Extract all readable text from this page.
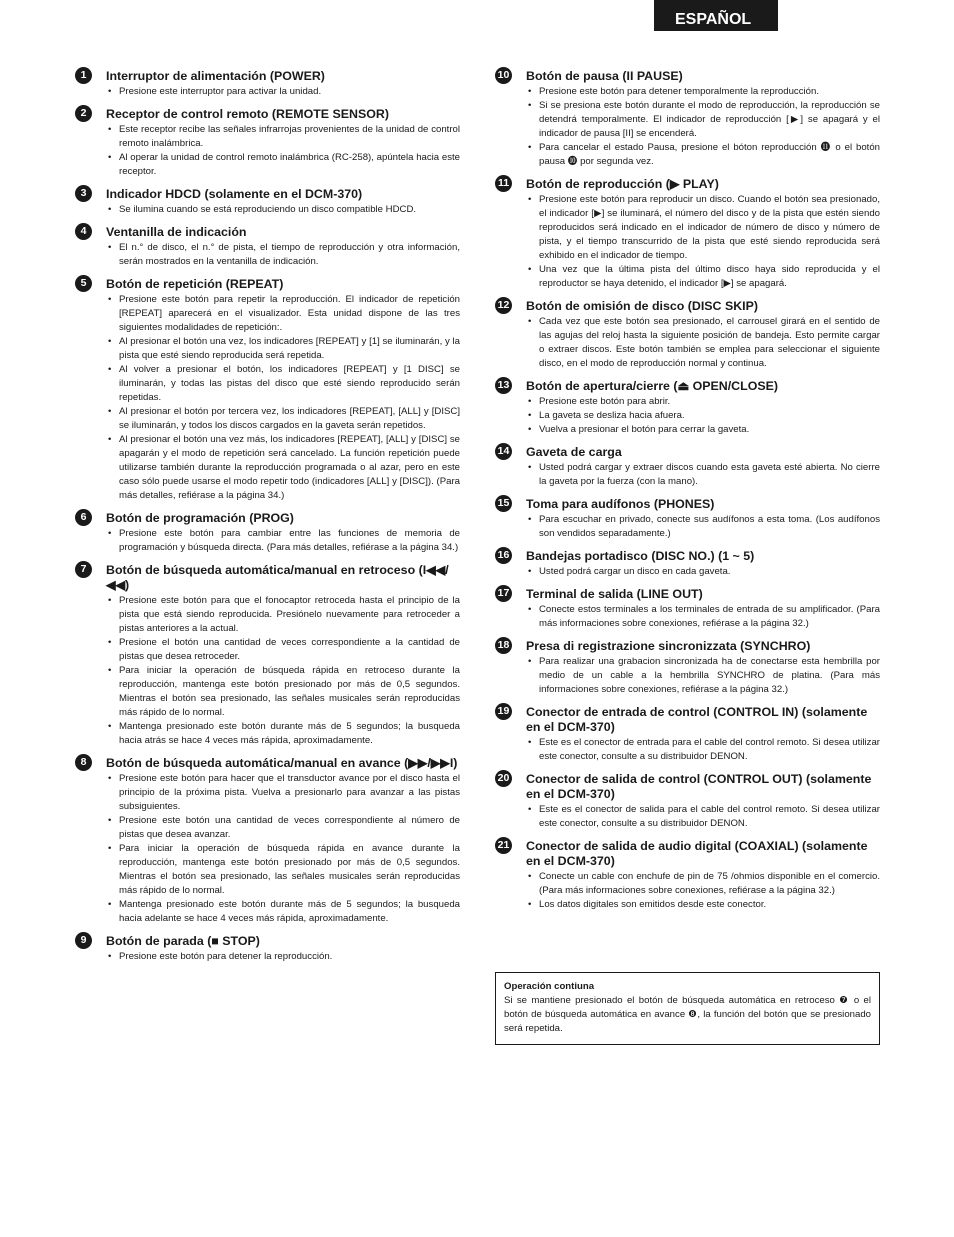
ESPAÑOL
1	Interruptor de alimentación (POWER)
• Presione este interruptor para activar la unidad.
2	Receptor de control remoto (REMOTE SENSOR)
• Este receptor recibe las señales infrarrojas provenientes de la unidad de control remoto inalámbrica.
• Al operar la unidad de control remoto inalámbrica (RC-258), apúntela hacia este receptor.
3	Indicador HDCD (solamente en el DCM-370)
• Se ilumina cuando se está reproduciendo un disco compatible HDCD.
4	Ventanilla de indicación
• El n.° de disco, el n.° de pista, el tiempo de reproducción y otra información, serán mostrados en la ventanilla de indicación.
5	Botón de repetición (REPEAT)
• Presione este botón para repetir la reproducción. El indicador de repetición [REPEAT] aparecerá en el visualizador. Esta unidad dispone de las tres siguientes modalidades de repetición:.
• Al presionar el botón una vez, los indicadores [REPEAT] y [1] se iluminarán, y la pista que esté siendo reproducida será repetida.
• Al volver a presionar el botón, los indicadores [REPEAT] y [1 DISC] se iluminarán, y todas las pistas del disco que esté siendo reproducido serán repetidas.
• Al presionar el botón por tercera vez, los indicadores [REPEAT], [ALL] y [DISC] se iluminarán, y todos los discos cargados en la gaveta serán repetidos.
• Al presionar el botón una vez más, los indicadores [REPEAT], [ALL] y [DISC] se apagarán y el modo de repetición será cancelado. La función repetición puede utilizarse también durante la reproducción programada o al azar, pero en este caso sólo puede usarse el modo repetir todo (indicadores [ALL] y [DISC]). (Para más detalles, refiérase a la página 34.)
6	Botón de programación (PROG)
• Presione este botón para cambiar entre las funciones de memoria de programación y búsqueda directa. (Para más detalles, refiérase a la página 34.)
7	Botón de búsqueda automática/manual en retroceso (I◀◀/◀◀)
• Presione este botón para que el fonocaptor retroceda hasta el principio de la pista que está siendo reproducida. Presiónelo nuevamente para retroceder a pistas anteriores a la actual.
• Presione el botón una cantidad de veces correspondiente a la cantidad de pistas que desea retroceder.
• Para iniciar la operación de búsqueda rápida en retroceso durante la reproducción, mantenga este botón presionado por más de 0,5 segundos. Mientras el botón sea presionado, las señales musicales serán reproducidas más rápido de lo normal.
• Mantenga presionado este botón durante más de 5 segundos; la busqueda hacia atrás se hace 4 veces más rápida, aproximadamente.
8	Botón de búsqueda automática/manual en avance (▶▶/▶▶I)
• Presione este botón para hacer que el transductor avance por el disco hasta el principio de la próxima pista. Vuelva a presionarlo para avanzar a las pistas subsiguientes.
• Presione este botón una cantidad de veces correspondiente al número de pistas que desea avanzar.
• Para iniciar la operación de búsqueda rápida en avance durante la reproducción, mantenga este botón presionado por más de 0,5 segundos. Mientras el botón sea presionado, las señales musicales serán reproducidas más rápido de lo normal.
• Mantenga presionado este botón durante más de 5 segundos; la busqueda hacia adelante se hace 4 veces más rápida, aproximadamente.
9	Botón de parada (■ STOP)
• Presione este botón para detener la reproducción.
10 Botón de pausa (II PAUSE)
• Presione este botón para detener temporalmente la reproducción.
• Si se presiona este botón durante el modo de reproducción, la reproducción se detendrá temporalmente. El indicador de reproducción [▶] se apagará y el indicador de pausa [II] se encenderá.
• Para cancelar el estado Pausa, presione el bóton reproducción ⓫ o el botón pausa ❿ por segunda vez.
11 Botón de reproducción (▶ PLAY)
• Presione este botón para reproducir un disco. Cuando el botón sea presionado, el indicador [▶] se iluminará, el número del disco y de la pista que estén siendo reproducidos será indicado en el indicador de número de disco y número de pista, y el tiempo transcurrido de la pista que esté siendo reproducida será exhibido en el indicador de tiempo.
• Una vez que la última pista del último disco haya sido reproducida y el reproductor se haya detenido, el indicador [▶] se apagará.
12 Botón de omisión de disco (DISC SKIP)
• Cada vez que este botón sea presionado, el carrousel girará en el sentido de las agujas del reloj hasta la siguiente posición de bandeja. Esto permite cargar o extraer discos. Este botón también se emplea para seleccionar el siguiente disco, en el modo de reproducción normal y continua.
13 Botón de apertura/cierre (⏏ OPEN/CLOSE)
• Presione este botón para abrir.
• La gaveta se desliza hacia afuera.
• Vuelva a presionar el botón para cerrar la gaveta.
14 Gaveta de carga
• Usted podrá cargar y extraer discos cuando esta gaveta esté abierta. No cierre la gaveta por la fuerza (con la mano).
15 Toma para audífonos (PHONES)
• Para escuchar en privado, conecte sus audífonos a esta toma. (Los audífonos son vendidos separadamente.)
16 Bandejas portadisco (DISC NO.) (1 ~ 5)
• Usted podrá cargar un disco en cada gaveta.
17 Terminal de salida (LINE OUT)
• Conecte estos terminales a los terminales de entrada de su amplificador. (Para más informaciones sobre conexiones, refiérase a la página 32.)
18 Presa di registrazione sincronizzata (SYNCHRO)
• Para realizar una grabacion sincronizada ha de conectarse esta hembrilla por medio de un cable a la hembrilla SYNCHRO de platina. (Para más informaciones sobre conexiones, refiérase a la página 32.)
19 Conector de entrada de control (CONTROL IN) (solamente en el DCM-370)
• Este es el conector de entrada para el cable del control remoto. Si desea utilizar este conector, consulte a su distribuidor DENON.
20 Conector de salida de control (CONTROL OUT) (solamente en el DCM-370)
• Este es el conector de salida para el cable del control remoto. Si desea utilizar este conector, consulte a su distribuidor DENON.
21 Conector de salida de audio digital (COAXIAL) (solamente en el DCM-370)
• Conecte un cable con enchufe de pin de 75 /ohmios disponible en el comercio. (Para más informaciones sobre conexiones, refiérase a la página 32.)
• Los datos digitales son emitidos desde este conector.
Operación contiuna
Si se mantiene presionado el botón de búsqueda automática en retroceso ❼ o el botón de búsqueda automática en avance ❽, la función del botón que se presionado será repetida.
